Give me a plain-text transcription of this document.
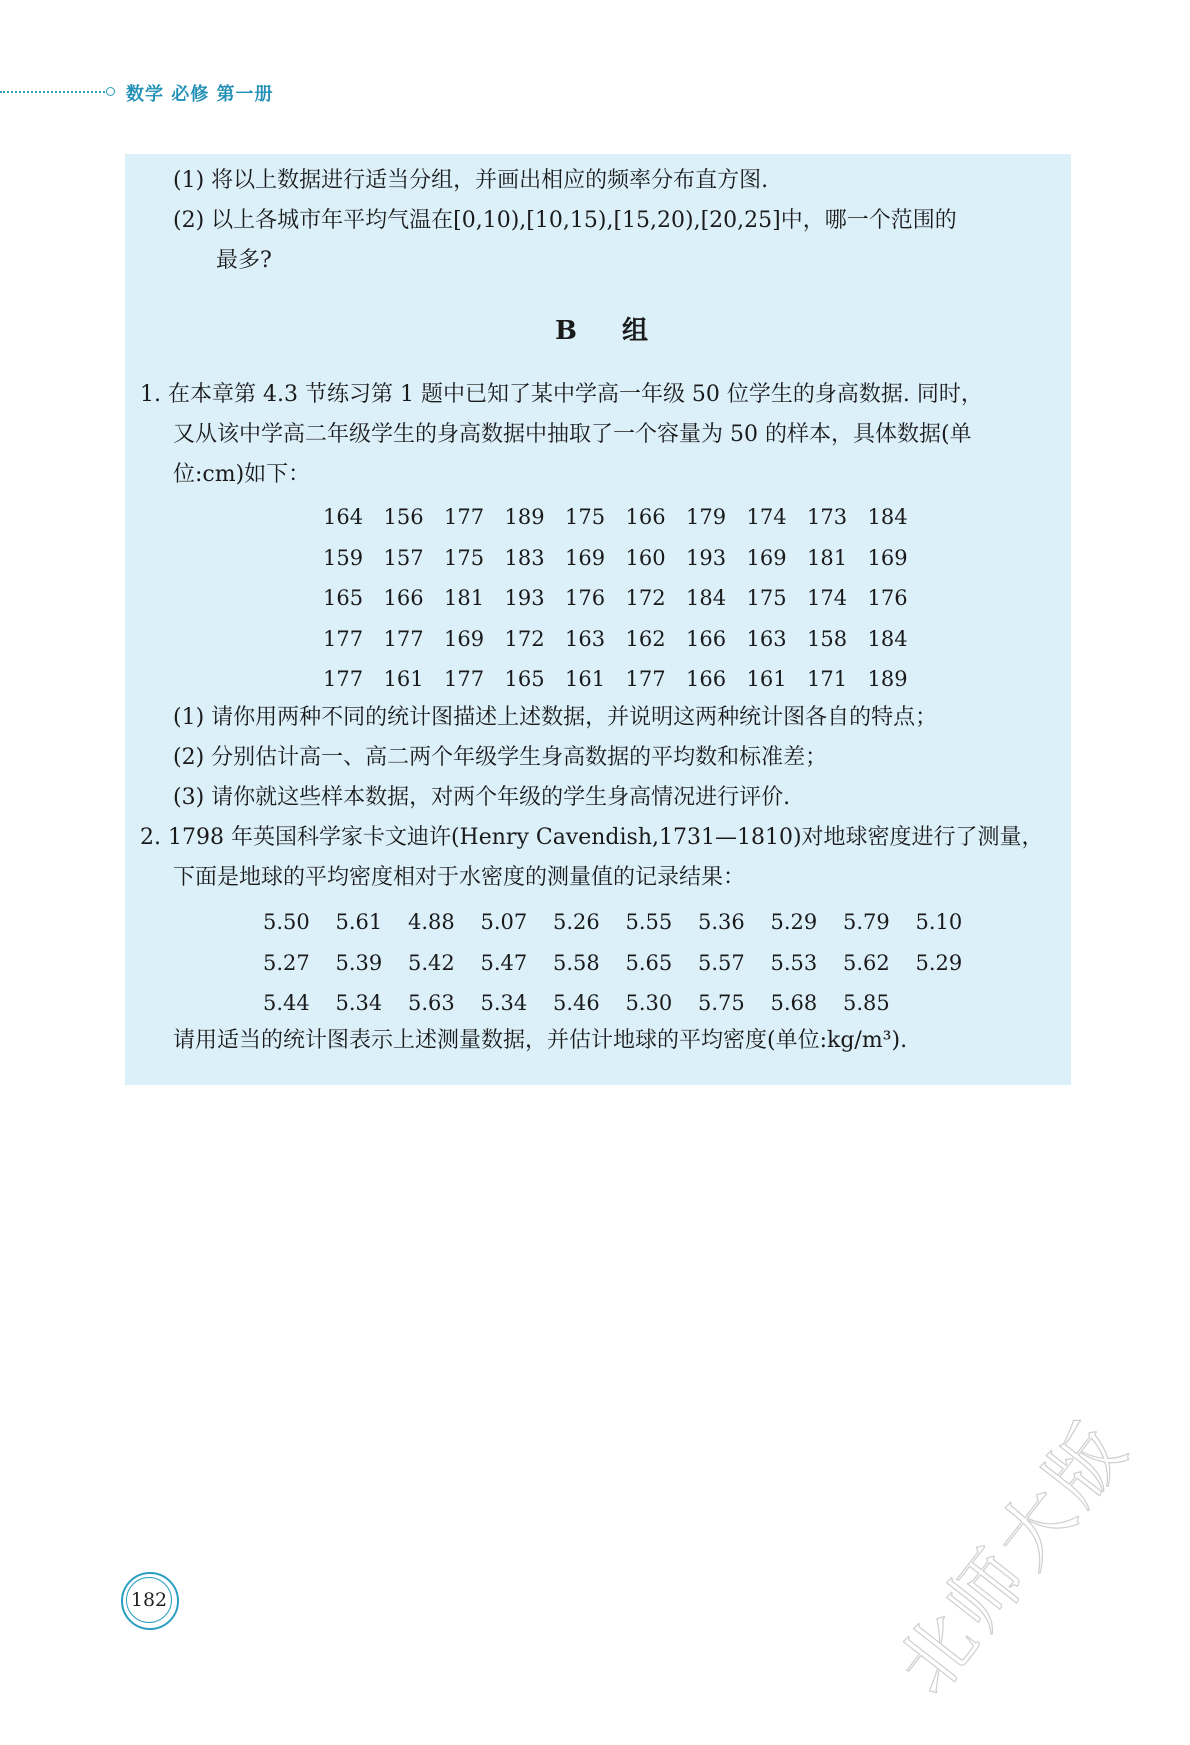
数学 必修 第一册
(1) 将以上数据进行适当分组，并画出相应的频率分布直方图.
(2) 以上各城市年平均气温在[0,10),[10,15),[15,20),[20,25]中，哪一个范围的
最多?
B 组
1. 在本章第 4.3 节练习第 1 题中已知了某中学高一年级 50 位学生的身高数据. 同时，
又从该中学高二年级学生的身高数据中抽取了一个容量为 50 的样本，具体数据(单
位:cm)如下：
164 156 177 189 175 166 179 174 173 184
159 157 175 183 169 160 193 169 181 169
165 166 181 193 176 172 184 175 174 176
177 177 169 172 163 162 166 163 158 184
177 161 177 165 161 177 166 161 171 189
(1) 请你用两种不同的统计图描述上述数据，并说明这两种统计图各自的特点；
(2) 分别估计高一、高二两个年级学生身高数据的平均数和标准差；
(3) 请你就这些样本数据，对两个年级的学生身高情况进行评价.
2. 1798 年英国科学家卡文迪许(Henry Cavendish,1731—1810)对地球密度进行了测量，
下面是地球的平均密度相对于水密度的测量值的记录结果：
5.50 5.61 4.88 5.07 5.26 5.55 5.36 5.29 5.79 5.10
5.27 5.39 5.42 5.47 5.58 5.65 5.57 5.53 5.62 5.29
5.44 5.34 5.63 5.34 5.46 5.30 5.75 5.68 5.85
请用适当的统计图表示上述测量数据，并估计地球的平均密度(单位:kg/m³).
182	北师大版
